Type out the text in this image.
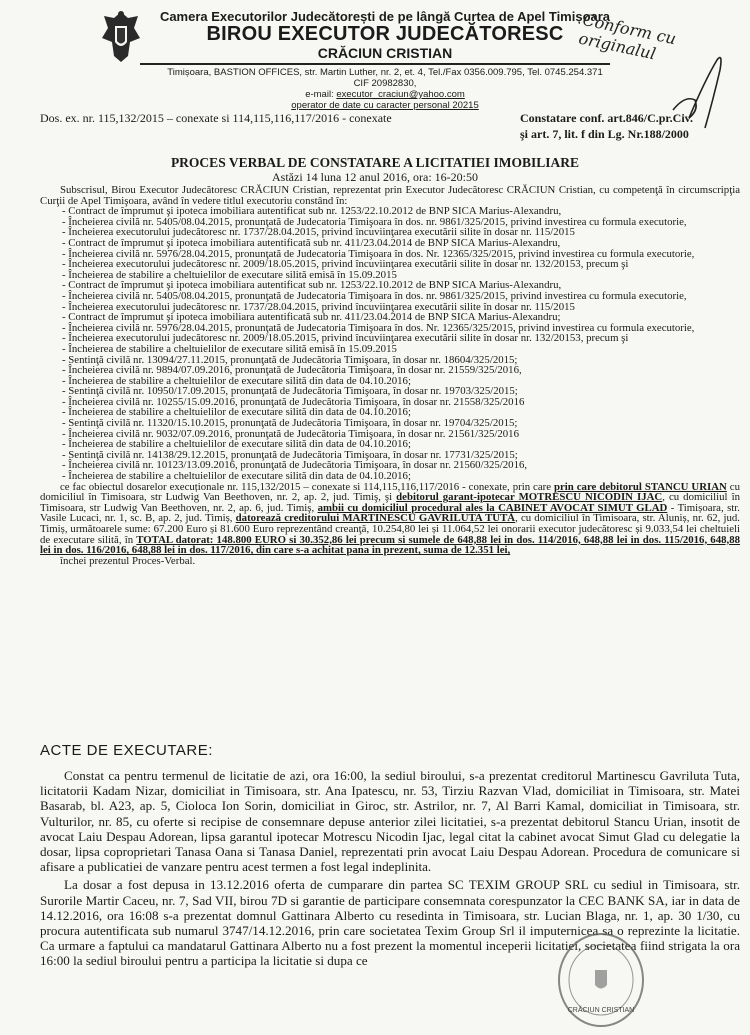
Camera Executorilor Judecătorești de pe lângă Curtea de Apel Timișoara
BIROU EXECUTOR JUDECĂTORESC
CRĂCIUN CRISTIAN
Timișoara, BASTION OFFICES, str. Martin Luther, nr. 2, et. 4, Tel./Fax 0356.009.795, Tel. 0745.254.371
CIF 20982830,
e-mail: executor_craciun@yahoo.com
operator de date cu caracter personal 20215
Conform cu originalul
Dos. ex. nr. 115,132/2015 – conexate si 114,115,116,117/2016 - conexate	Constatare conf. art.846/C.pr.Civ.
şi art. 7, lit. f din Lg. Nr.188/2000
PROCES VERBAL DE CONSTATARE A LICITATIEI IMOBILIARE
Astăzi 14 luna 12 anul 2016, ora: 16-20:50

Subscrisul, Birou Executor Judecătoresc CRĂCIUN Cristian, reprezentat prin Executor Judecătoresc CRĂCIUN Cristian, cu competenţă în circumscripţia Curţii de Apel Timişoara, având în vedere titlul executoriu constând în:

- Contract de împrumut şi ipoteca imobiliara autentificat sub nr. 1253/22.10.2012 de BNP SICA Marius-Alexandru,

- Încheierea civilă nr. 5405/08.04.2015, pronunţată de Judecatoria Timişoara în dos. nr. 9861/325/2015, privind investirea cu formula executorie,

- Încheierea executorului judecătoresc nr. 1737/28.04.2015, privind încuviinţarea executării silite în dosar nr. 115/2015

- Contract de împrumut şi ipoteca imobiliara autentificată sub nr. 411/23.04.2014 de BNP SICA Marius-Alexandru,

- Încheierea civilă nr. 5976/28.04.2015, pronunţată de Judecatoria Timişoara în dos. Nr. 12365/325/2015, privind investirea cu formula executorie,

- Încheierea executorului judecătoresc nr. 2009/18.05.2015, privind încuviinţarea executării silite în dosar nr. 132/20153, precum şi

- Încheierea de stabilire a cheltuielilor de executare silită emisă în 15.09.2015

- Contract de împrumut şi ipoteca imobiliara autentificat sub nr. 1253/22.10.2012 de BNP SICA Marius-Alexandru,

- Încheierea civilă nr. 5405/08.04.2015, pronunţată de Judecatoria Timişoara în dos. nr. 9861/325/2015, privind investirea cu formula executorie,

- Încheierea executorului judecătoresc nr. 1737/28.04.2015, privind încuviinţarea executării silite în dosar nr. 115/2015

- Contract de împrumut şi ipoteca imobiliara autentificată sub nr. 411/23.04.2014 de BNP SICA Marius-Alexandru;

- Încheierea civilă nr. 5976/28.04.2015, pronunţată de Judecatoria Timişoara în dos. Nr. 12365/325/2015, privind investirea cu formula executorie,

- Încheierea executorului judecătoresc nr. 2009/18.05.2015, privind încuviinţarea executării silite în dosar nr. 132/20153, precum şi

- Încheierea de stabilire a cheltuielilor de executare silită emisă în 15.09.2015

- Sentinţă civilă nr. 13094/27.11.2015, pronunţată de Judecătoria Timişoara, în dosar nr. 18604/325/2015;

- Încheierea civilă nr. 9894/07.09.2016, pronunţată de Judecătoria Timişoara, în dosar nr. 21559/325/2016,

- Încheierea de stabilire a cheltuielilor de executare silită din data de 04.10.2016;

- Sentinţă civilă nr. 10950/17.09.2015, pronunţată de Judecătoria Timişoara, în dosar nr. 19703/325/2015;

- Încheierea civilă nr. 10255/15.09.2016, pronunţată de Judecătoria Timişoara, în dosar nr. 21558/325/2016

- Încheierea de stabilire a cheltuielilor de executare silită din data de 04.10.2016;

- Sentinţă civilă nr. 11320/15.10.2015, pronunţată de Judecătoria Timişoara, în dosar nr. 19704/325/2015;

- Încheierea civilă nr. 9032/07.09.2016, pronunţată de Judecătoria Timişoara, în dosar nr. 21561/325/2016

- Încheierea de stabilire a cheltuielilor de executare silită din data de 04.10.2016;

- Sentinţă civilă nr. 14138/29.12.2015, pronunţată de Judecătoria Timişoara, în dosar nr. 17731/325/2015;

- Încheierea civilă nr. 10123/13.09.2016, pronunţată de Judecătoria Timişoara, în dosar nr. 21560/325/2016,

- Încheierea de stabilire a cheltuielilor de executare silită din data de 04.10.2016;

ce fac obiectul dosarelor execuționale nr. 115,132/2015 – conexate si 114,115,116,117/2016 - conexate, prin care prin care debitorul STANCU URIAN cu domiciliul în Timisoara, str Ludwig Van Beethoven, nr. 2, ap. 2, jud. Timiş, şi debitorul garant-ipotecar MOTRESCU NICODIN IJAC, cu domiciliul în Timisoara, str Ludwig Van Beethoven, nr. 2, ap. 6, jud. Timiş, ambii cu domiciliul procedural ales la CABINET AVOCAT SIMUT GLAD - Timișoara, str. Vasile Lucaci, nr. 1, sc. B, ap. 2, jud. Timiș, datorează creditorului MARTINESCU GAVRILUTA TUTĂ, cu domiciliul în Timisoara, str. Aluniș, nr. 62, jud. Timiș, următoarele sume: 67.200 Euro și 81.600 Euro reprezentând creanţă, 10.254,80 lei și 11.064,52 lei onorarii executor judecătoresc și 9.033,54 lei cheltuieli de executare silită, în TOTAL datorat: 148.800 EURO si 30.352,86 lei precum si sumele de 648,88 lei in dos. 114/2016, 648,88 lei in dos. 115/2016, 648,88 lei in dos. 116/2016, 648,88 lei in dos. 117/2016, din care s-a achitat pana in prezent, suma de 12.351 lei,

închei prezentul Proces-Verbal.

ACTE DE EXECUTARE:

Constat ca pentru termenul de licitatie de azi, ora 16:00, la sediul biroului, s-a prezentat creditorul Martinescu Gavriluta Tuta, licitatorii Kadam Nizar, domiciliat in Timisoara, str. Ana Ipatescu, nr. 53, Tirziu Razvan Vlad, domiciliat in Timisoara, str. Matei Basarab, bl. A23, ap. 5, Cioloca Ion Sorin, domiciliat in Giroc, str. Astrilor, nr. 7, Al Barri Kamal, domiciliat in Timisoara, str. Vulturilor, nr. 85, cu oferte si recipise de consemnare depuse anterior zilei licitatiei, s-a prezentat debitorul Stancu Urian, insotit de avocat Laiu Despau Adorean, lipsa garantul ipotecar Motrescu Nicodin Ijac, legal citat la cabinet avocat Simut Glad cu delegatie la dosar, lipsa coproprietari Tanasa Oana si Tanasa Daniel, reprezentati prin avocat Laiu Despau Adorean. Procedura de comunicare si afisare a publicatiei de vanzare pentru acest termen a fost legal indeplinita.

La dosar a fost depusa in 13.12.2016 oferta de cumparare din partea SC TEXIM GROUP SRL cu sediul in Timisoara, str. Surorile Martir Caceu, nr. 7, Sad VII, birou 7D si garantie de participare consemnata corespunzator la CEC BANK SA, iar in data de 14.12.2016, ora 16:08 s-a prezentat domnul Gattinara Alberto cu resedinta in Timisoara, str. Lucian Blaga, nr. 1, ap. 30 1/30, cu procura autentificata sub numarul 3747/14.12.2016, prin care societatea Texim Group Srl il imputernicea sa o reprezinte la licitatie. Ca urmare a faptului ca mandatarul Gattinara Alberto nu a fost prezent la momentul inceperii licitatiei, societatea fiind strigata la ora 16:00 la sediul biroului pentru a participa la licitatie si dupa ce

CRĂCIUN CRISTIAN
